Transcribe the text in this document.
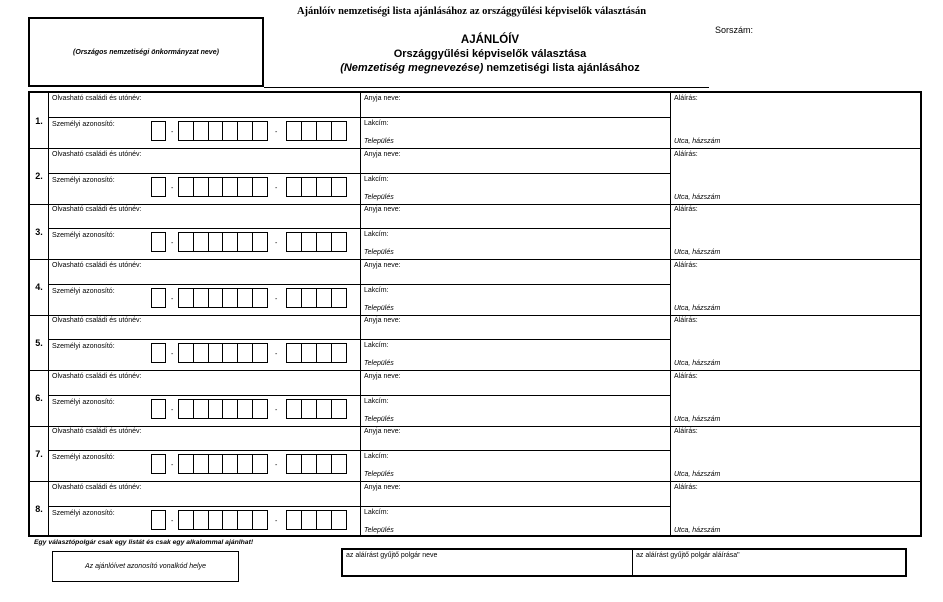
Ajánlóív nemzetiségi lista ajánlásához az országgyűlési képviselők választásán
(Országos nemzetiségi önkormányzat neve)
Sorszám:
AJÁNLÓÍV
Országgyűlési képviselők választása
(Nemzetiség megnevezése) nemzetiségi lista ajánlásához
1.
Olvasható családi és utónév:
Személyi azonosító:
-	-
Anyja neve:
Lakcím:
Település
Aláírás:
Utca, házszám
2.
Olvasható családi és utónév:
Személyi azonosító:
-	-
Anyja neve:
Lakcím:
Település
Aláírás:
Utca, házszám
3.
Olvasható családi és utónév:
Személyi azonosító:
-	-
Anyja neve:
Lakcím:
Település
Aláírás:
Utca, házszám
4.
Olvasható családi és utónév:
Személyi azonosító:
-	-
Anyja neve:
Lakcím:
Település
Aláírás:
Utca, házszám
5.
Olvasható családi és utónév:
Személyi azonosító:
-	-
Anyja neve:
Lakcím:
Település
Aláírás:
Utca, házszám
6.
Olvasható családi és utónév:
Személyi azonosító:
-	-
Anyja neve:
Lakcím:
Település
Aláírás:
Utca, házszám
7.
Olvasható családi és utónév:
Személyi azonosító:
-	-
Anyja neve:
Lakcím:
Település
Aláírás:
Utca, házszám
8.
Olvasható családi és utónév:
Személyi azonosító:
-	-
Anyja neve:
Lakcím:
Település
Aláírás:
Utca, házszám
Egy választópolgár csak egy listát és csak egy alkalommal ajánlhat!
Az ajánlóívet azonosító vonalkód helye
az aláírást gyűjtő polgár neve	az aláírást gyűjtő polgár aláírása"
